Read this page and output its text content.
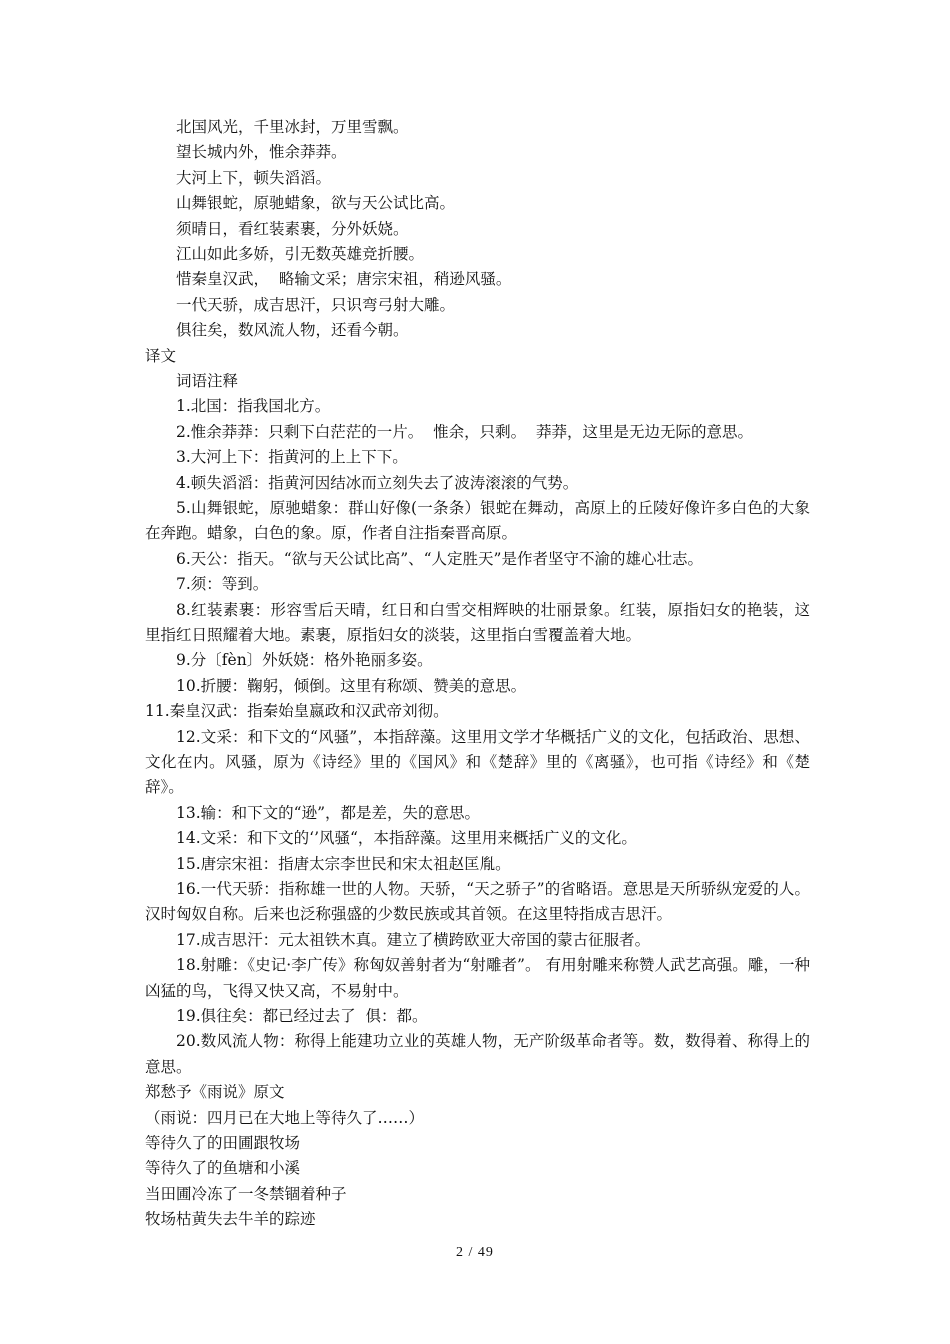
北国风光，千里冰封，万里雪飘。
望长城内外，惟余莽莽。
大河上下，顿失滔滔。
山舞银蛇，原驰蜡象，欲与天公试比高。
须晴日，看红装素裹，分外妖娆。
江山如此多娇，引无数英雄竞折腰。
惜秦皇汉武，  略输文采；唐宗宋祖，稍逊风骚。
一代天骄，成吉思汗，只识弯弓射大雕。
俱往矣，数风流人物，还看今朝。
译文
词语注释

1.北国：指我国北方。

2.惟余莽莽：只剩下白茫茫的一片。  惟余，只剩。  莽莽，这里是无边无际的意思。

3.大河上下：指黄河的上上下下。

4.顿失滔滔：指黄河因结冰而立刻失去了波涛滚滚的气势。

5.山舞银蛇，原驰蜡象：群山好像(一条条）银蛇在舞动，高原上的丘陵好像许多白色的大象在奔跑。蜡象，白色的象。原，作者自注指秦晋高原。

6.天公：指天。“欲与天公试比高”、“人定胜天”是作者坚守不渝的雄心壮志。

7.须：等到。

8.红装素裹：形容雪后天晴，红日和白雪交相辉映的壮丽景象。红装，原指妇女的艳装，这里指红日照耀着大地。素裹，原指妇女的淡装，这里指白雪覆盖着大地。

9.分〔fèn〕外妖娆：格外艳丽多姿。

10.折腰：鞠躬，倾倒。这里有称颂、赞美的意思。

11.秦皇汉武：指秦始皇嬴政和汉武帝刘彻。

12.文采：和下文的“风骚”，本指辞藻。这里用文学才华概括广义的文化，包括政治、思想、文化在内。风骚，原为《诗经》里的《国风》和《楚辞》里的《离骚》，也可指《诗经》和《楚辞》。

13.输：和下文的“逊”，都是差，失的意思。

14.文采：和下文的‘’风骚“，本指辞藻。这里用来概括广义的文化。

15.唐宗宋祖：指唐太宗李世民和宋太祖赵匡胤。

16.一代天骄：指称雄一世的人物。天骄，“天之骄子”的省略语。意思是天所骄纵宠爱的人。汉时匈奴自称。后来也泛称强盛的少数民族或其首领。在这里特指成吉思汗。

17.成吉思汗：元太祖铁木真。建立了横跨欧亚大帝国的蒙古征服者。

18.射雕：《史记·李广传》称匈奴善射者为“射雕者”。 有用射雕来称赞人武艺高强。雕，一种凶猛的鸟，飞得又快又高，不易射中。

19.俱往矣：都已经过去了  俱：都。

20.数风流人物：称得上能建功立业的英雄人物，无产阶级革命者等。数，数得着、称得上的意思。

郑愁予《雨说》原文
（雨说：四月已在大地上等待久了……）
等待久了的田圃跟牧场
等待久了的鱼塘和小溪
当田圃冷冻了一冬禁锢着种子
牧场枯黄失去牛羊的踪迹
2 / 49
